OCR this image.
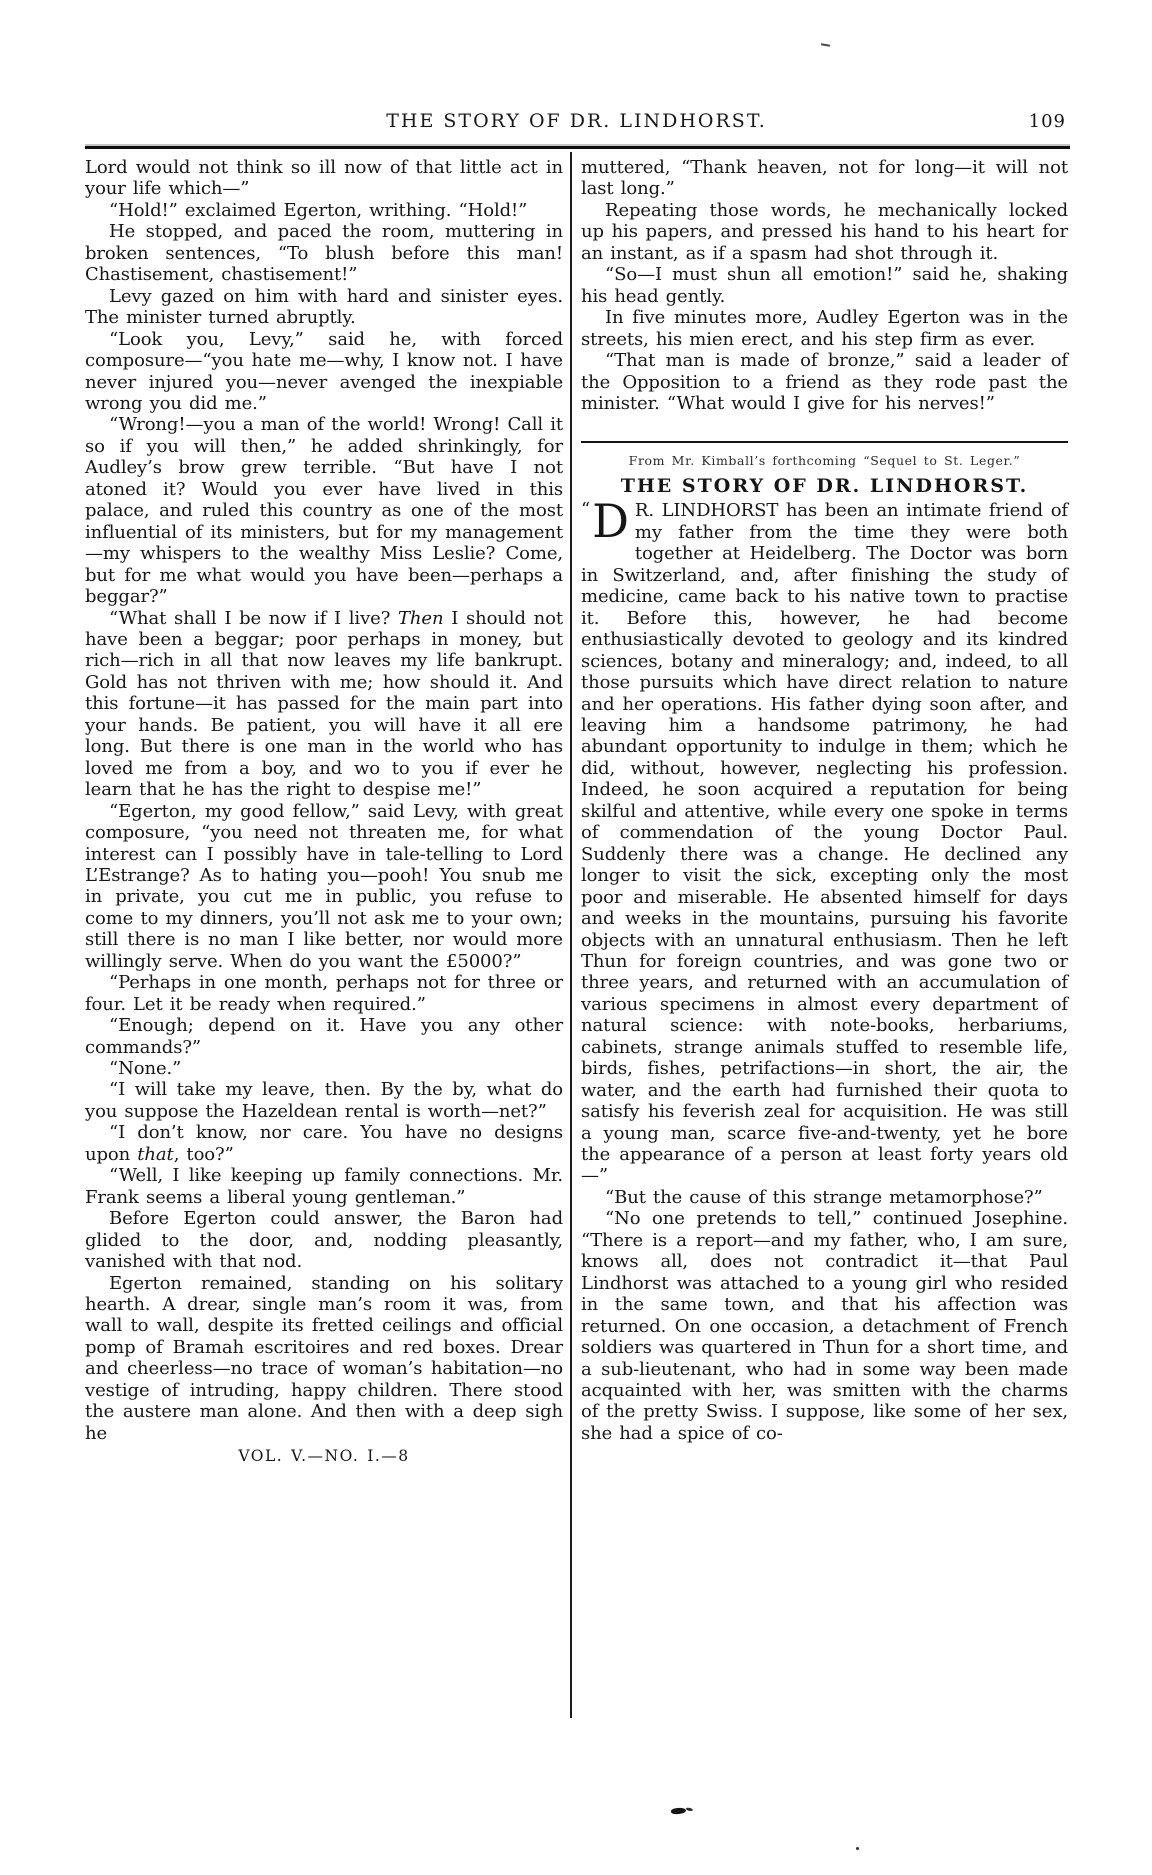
THE STORY OF DR. LINDHORST.	109

Lord would not think so ill now of that little act in your life which—”

“Hold!” exclaimed Egerton, writhing. “Hold!”

He stopped, and paced the room, muttering in broken sentences, “To blush before this man! Chastisement, chastisement!”

Levy gazed on him with hard and sinister eyes. The minister turned abruptly.

“Look you, Levy,” said he, with forced composure—“you hate me—why, I know not. I have never injured you—never avenged the inexpiable wrong you did me.”

“Wrong!—you a man of the world! Wrong! Call it so if you will then,” he added shrinkingly, for Audley’s brow grew terrible. “But have I not atoned it? Would you ever have lived in this palace, and ruled this country as one of the most influential of its ministers, but for my management—my whispers to the wealthy Miss Leslie? Come, but for me what would you have been—perhaps a beggar?”

“What shall I be now if I live? Then I should not have been a beggar; poor perhaps in money, but rich—rich in all that now leaves my life bankrupt. Gold has not thriven with me; how should it. And this fortune—it has passed for the main part into your hands. Be patient, you will have it all ere long. But there is one man in the world who has loved me from a boy, and wo to you if ever he learn that he has the right to despise me!”

“Egerton, my good fellow,” said Levy, with great composure, “you need not threaten me, for what interest can I possibly have in tale-telling to Lord L’Estrange? As to hating you—pooh! You snub me in private, you cut me in public, you refuse to come to my dinners, you’ll not ask me to your own; still there is no man I like better, nor would more willingly serve. When do you want the £5000?”

“Perhaps in one month, perhaps not for three or four. Let it be ready when required.”

“Enough; depend on it. Have you any other commands?”

“None.”

“I will take my leave, then. By the by, what do you suppose the Hazeldean rental is worth—net?”

“I don’t know, nor care. You have no designs upon that, too?”

“Well, I like keeping up family connections. Mr. Frank seems a liberal young gentleman.”

Before Egerton could answer, the Baron had glided to the door, and, nodding pleasantly, vanished with that nod.

Egerton remained, standing on his solitary hearth. A drear, single man’s room it was, from wall to wall, despite its fretted ceilings and official pomp of Bramah escritoires and red boxes. Drear and cheerless—no trace of woman’s habitation—no vestige of intruding, happy children. There stood the austere man alone. And then with a deep sigh he

VOL. V.—NO. I.—8

muttered, “Thank heaven, not for long—it will not last long.”

Repeating those words, he mechanically locked up his papers, and pressed his hand to his heart for an instant, as if a spasm had shot through it.

“So—I must shun all emotion!” said he, shaking his head gently.

In five minutes more, Audley Egerton was in the streets, his mien erect, and his step firm as ever.

“That man is made of bronze,” said a leader of the Opposition to a friend as they rode past the minister. “What would I give for his nerves!”

From Mr. Kimball’s forthcoming “Sequel to St. Leger.”

THE STORY OF DR. LINDHORST.

“ D R. LINDHORST has been an intimate friend of my father from the time they were both together at Heidelberg. The Doctor was born in Switzerland, and, after finishing the study of medicine, came back to his native town to practise it. Before this, however, he had become enthusiastically devoted to geology and its kindred sciences, botany and mineralogy; and, indeed, to all those pursuits which have direct relation to nature and her operations. His father dying soon after, and leaving him a handsome patrimony, he had abundant opportunity to indulge in them; which he did, without, however, neglecting his profession. Indeed, he soon acquired a reputation for being skilful and attentive, while every one spoke in terms of commendation of the young Doctor Paul. Suddenly there was a change. He declined any longer to visit the sick, excepting only the most poor and miserable. He absented himself for days and weeks in the mountains, pursuing his favorite objects with an unnatural enthusiasm. Then he left Thun for foreign countries, and was gone two or three years, and returned with an accumulation of various specimens in almost every department of natural science: with note-books, herbariums, cabinets, strange animals stuffed to resemble life, birds, fishes, petrifactions—in short, the air, the water, and the earth had furnished their quota to satisfy his feverish zeal for acquisition. He was still a young man, scarce five-and-twenty, yet he bore the appearance of a person at least forty years old—”

“But the cause of this strange metamorphose?”

“No one pretends to tell,” continued Josephine. “There is a report—and my father, who, I am sure, knows all, does not contradict it—that Paul Lindhorst was attached to a young girl who resided in the same town, and that his affection was returned. On one occasion, a detachment of French soldiers was quartered in Thun for a short time, and a sub-lieutenant, who had in some way been made acquainted with her, was smitten with the charms of the pretty Swiss. I suppose, like some of her sex, she had a spice of co-
